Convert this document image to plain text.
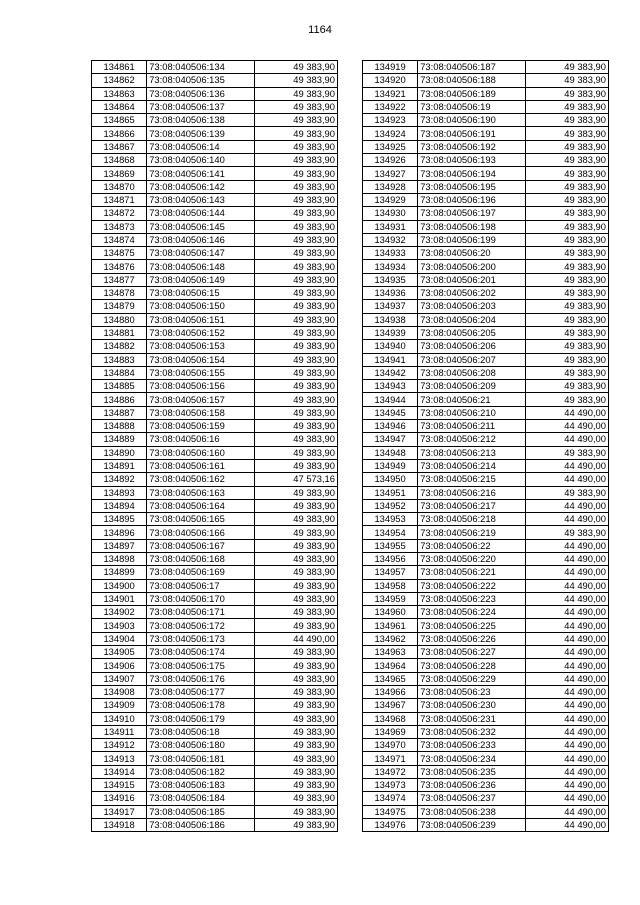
1164
134861	73:08:040506:134	49 383,90
134862	73:08:040506:135	49 383,90
134863	73:08:040506:136	49 383,90
134864	73:08:040506:137	49 383,90
134865	73:08:040506:138	49 383,90
134866	73:08:040506:139	49 383,90
134867	73:08:040506:14	49 383,90
134868	73:08:040506:140	49 383,90
134869	73:08:040506:141	49 383,90
134870	73:08:040506:142	49 383,90
134871	73:08:040506:143	49 383,90
134872	73:08:040506:144	49 383,90
134873	73:08:040506:145	49 383,90
134874	73:08:040506:146	49 383,90
134875	73:08:040506:147	49 383,90
134876	73:08:040506:148	49 383,90
134877	73:08:040506:149	49 383,90
134878	73:08:040506:15	49 383,90
134879	73:08:040506:150	49 383,90
134880	73:08:040506:151	49 383,90
134881	73:08:040506:152	49 383,90
134882	73:08:040506:153	49 383,90
134883	73:08:040506:154	49 383,90
134884	73:08:040506:155	49 383,90
134885	73:08:040506:156	49 383,90
134886	73:08:040506:157	49 383,90
134887	73:08:040506:158	49 383,90
134888	73:08:040506:159	49 383,90
134889	73:08:040506:16	49 383,90
134890	73:08:040506:160	49 383,90
134891	73:08:040506:161	49 383,90
134892	73:08:040506:162	47 573,16
134893	73:08:040506:163	49 383,90
134894	73:08:040506:164	49 383,90
134895	73:08:040506:165	49 383,90
134896	73:08:040506:166	49 383,90
134897	73:08:040506:167	49 383,90
134898	73:08:040506:168	49 383,90
134899	73:08:040506:169	49 383,90
134900	73:08:040506:17	49 383,90
134901	73:08:040506:170	49 383,90
134902	73:08:040506:171	49 383,90
134903	73:08:040506:172	49 383,90
134904	73:08:040506:173	44 490,00
134905	73:08:040506:174	49 383,90
134906	73:08:040506:175	49 383,90
134907	73:08:040506:176	49 383,90
134908	73:08:040506:177	49 383,90
134909	73:08:040506:178	49 383,90
134910	73:08:040506:179	49 383,90
134911	73:08:040506:18	49 383,90
134912	73:08:040506:180	49 383,90
134913	73:08:040506:181	49 383,90
134914	73:08:040506:182	49 383,90
134915	73:08:040506:183	49 383,90
134916	73:08:040506:184	49 383,90
134917	73:08:040506:185	49 383,90
134918	73:08:040506:186	49 383,90
134919	73:08:040506:187	49 383,90
134920	73:08:040506:188	49 383,90
134921	73:08:040506:189	49 383,90
134922	73:08:040506:19	49 383,90
134923	73:08:040506:190	49 383,90
134924	73:08:040506:191	49 383,90
134925	73:08:040506:192	49 383,90
134926	73:08:040506:193	49 383,90
134927	73:08:040506:194	49 383,90
134928	73:08:040506:195	49 383,90
134929	73:08:040506:196	49 383,90
134930	73:08:040506:197	49 383,90
134931	73:08:040506:198	49 383,90
134932	73:08:040506:199	49 383,90
134933	73:08:040506:20	49 383,90
134934	73:08:040506:200	49 383,90
134935	73:08:040506:201	49 383,90
134936	73:08:040506:202	49 383,90
134937	73:08:040506:203	49 383,90
134938	73:08:040506:204	49 383,90
134939	73:08:040506:205	49 383,90
134940	73:08:040506:206	49 383,90
134941	73:08:040506:207	49 383,90
134942	73:08:040506:208	49 383,90
134943	73:08:040506:209	49 383,90
134944	73:08:040506:21	49 383,90
134945	73:08:040506:210	44 490,00
134946	73:08:040506:211	44 490,00
134947	73:08:040506:212	44 490,00
134948	73:08:040506:213	49 383,90
134949	73:08:040506:214	44 490,00
134950	73:08:040506:215	44 490,00
134951	73:08:040506:216	49 383,90
134952	73:08:040506:217	44 490,00
134953	73:08:040506:218	44 490,00
134954	73:08:040506:219	49 383,90
134955	73:08:040506:22	44 490,00
134956	73:08:040506:220	44 490,00
134957	73:08:040506:221	44 490,00
134958	73:08:040506:222	44 490,00
134959	73:08:040506:223	44 490,00
134960	73:08:040506:224	44 490,00
134961	73:08:040506:225	44 490,00
134962	73:08:040506:226	44 490,00
134963	73:08:040506:227	44 490,00
134964	73:08:040506:228	44 490,00
134965	73:08:040506:229	44 490,00
134966	73:08:040506:23	44 490,00
134967	73:08:040506:230	44 490,00
134968	73:08:040506:231	44 490,00
134969	73:08:040506:232	44 490,00
134970	73:08:040506:233	44 490,00
134971	73:08:040506:234	44 490,00
134972	73:08:040506:235	44 490,00
134973	73:08:040506:236	44 490,00
134974	73:08:040506:237	44 490,00
134975	73:08:040506:238	44 490,00
134976	73:08:040506:239	44 490,00
